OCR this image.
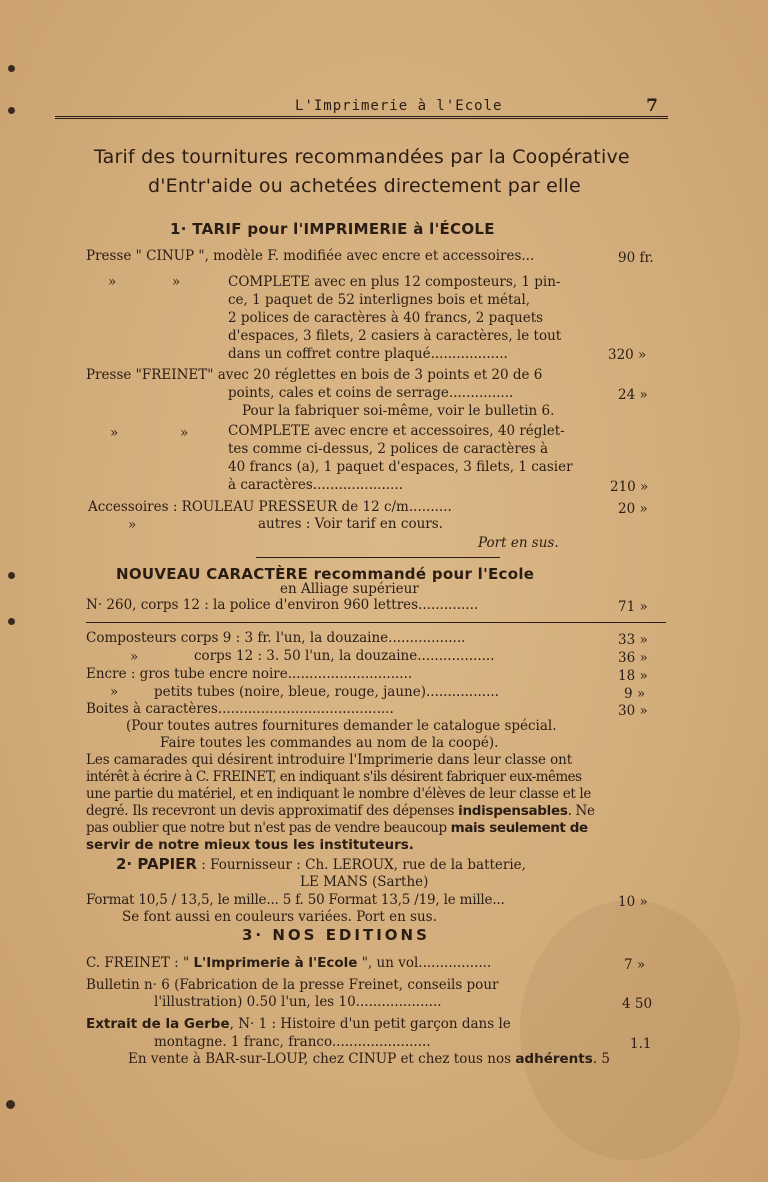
L'Imprimerie à l'Ecole	7
Tarif des tournitures recommandées par la Coopérative
d'Entr'aide ou achetées directement par elle
1· TARIF pour l'IMPRIMERIE à l'ÉCOLE
Presse " CINUP ", modèle F. modifiée avec encre et accessoires...	90 fr.
»	»	COMPLETE avec en plus 12 composteurs, 1 pin-
ce, 1 paquet de 52 interlignes bois et métal,
2 polices de caractères à 40 francs, 2 paquets
d'espaces, 3 filets, 2 casiers à caractères, le tout
dans un coffret contre plaqué..................	320 »
Presse "FREINET" avec 20 réglettes en bois de 3 points et 20 de 6
points, cales et coins de serrage...............	24 »
Pour la fabriquer soi-même, voir le bulletin 6.
»	»	COMPLETE avec encre et accessoires, 40 réglet-
tes comme ci-dessus, 2 polices de caractères à
40 francs (a), 1 paquet d'espaces, 3 filets, 1 casier
à caractères.....................	210 »
Accessoires : ROULEAU PRESSEUR de 12 c/m..........	20 »
»	autres : Voir tarif en cours.
Port en sus.
NOUVEAU CARACTÈRE recommandé pour l'Ecole
en Alliage supérieur
N· 260, corps 12 : la police d'environ 960 lettres..............	71 »
Composteurs corps 9 : 3 fr. l'un, la douzaine..................	33 »
»	corps 12 : 3. 50 l'un, la douzaine..................	36 »
Encre : gros tube encre noire.............................	18 »
»	petits tubes (noire, bleue, rouge, jaune).................	9 »
Boites à caractères.........................................	30 »
(Pour toutes autres fournitures demander le catalogue spécial.
Faire toutes les commandes au nom de la coopé).
Les camarades qui désirent introduire l'Imprimerie dans leur classe ont
intérêt à écrire à C. FREINET, en indiquant s'ils désirent fabriquer eux-mêmes
une partie du matériel, et en indiquant le nombre d'élèves de leur classe et le
degré. Ils recevront un devis approximatif des dépenses indispensables. Ne
pas oublier que notre but n'est pas de vendre beaucoup mais seulement de
servir de notre mieux tous les instituteurs.
2· PAPIER : Fournisseur : Ch. LEROUX, rue de la batterie,
LE MANS (Sarthe)
Format 10,5 / 13,5, le mille... 5 f. 50 Format 13,5 /19, le mille...	10 »
Se font aussi en couleurs variées. Port en sus.
3· NOS EDITIONS
C. FREINET : " L'Imprimerie à l'Ecole ", un vol.................	7 »
Bulletin n· 6 (Fabrication de la presse Freinet, conseils pour
l'illustration) 0.50 l'un, les 10....................	4 50
Extrait de la Gerbe, N· 1 : Histoire d'un petit garçon dans le
montagne. 1 franc, franco.......................	1.1
En vente à BAR-sur-LOUP, chez CINUP et chez tous nos adhérents. 5
